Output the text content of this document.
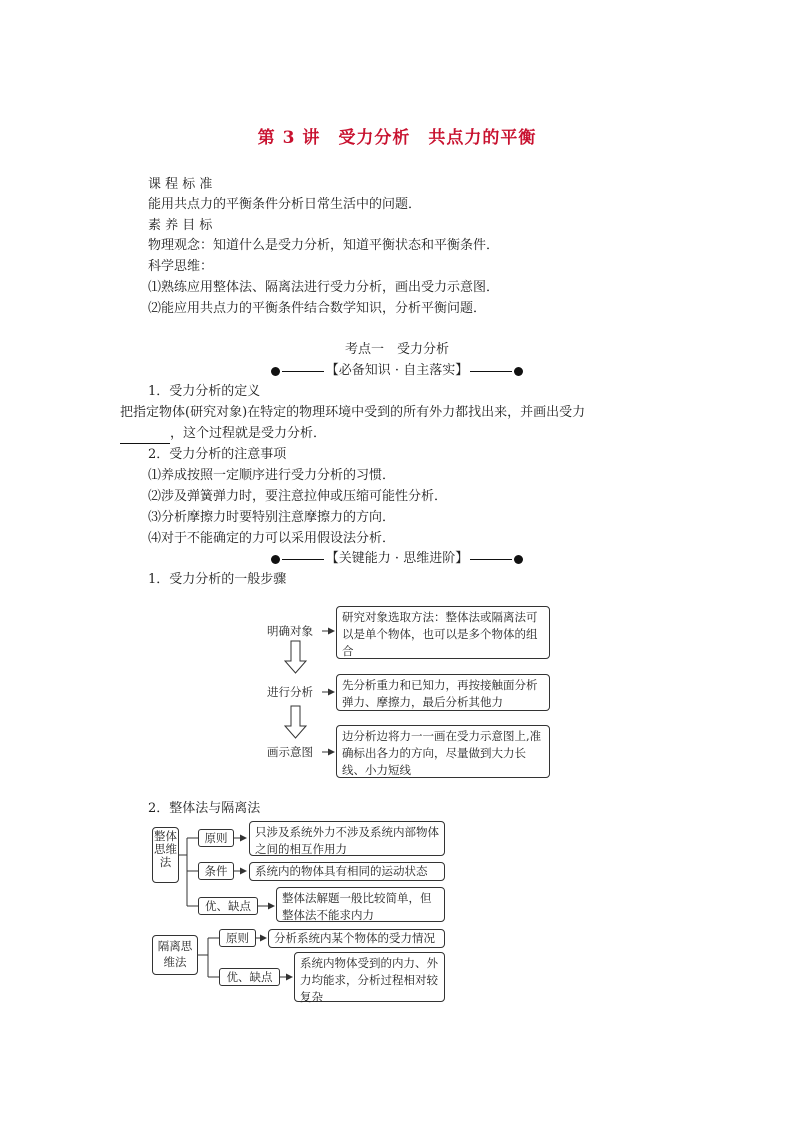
第 3 讲　受力分析　共点力的平衡
课 程 标 准
能用共点力的平衡条件分析日常生活中的问题．
素 养 目 标
物理观念：知道什么是受力分析，知道平衡状态和平衡条件．
科学思维：
⑴熟练应用整体法、隔离法进行受力分析，画出受力示意图．
⑵能应用共点力的平衡条件结合数学知识，分析平衡问题．
考点一　受力分析
【必备知识 · 自主落实】
1．受力分析的定义
把指定物体(研究对象)在特定的物理环境中受到的所有外力都找出来，并画出受力
，这个过程就是受力分析．
2．受力分析的注意事项
⑴养成按照一定顺序进行受力分析的习惯．
⑵涉及弹簧弹力时，要注意拉伸或压缩可能性分析．
⑶分析摩擦力时要特别注意摩擦力的方向．
⑷对于不能确定的力可以采用假设法分析．
【关键能力 · 思维进阶】
1．受力分析的一般步骤
明确对象
研究对象选取方法：整体法或隔离法可以是单个物体，也可以是多个物体的组合
进行分析	先分析重力和已知力，再按接触面分析弹力、摩擦力，最后分析其他力
画示意图
边分析边将力一一画在受力示意图上,准确标出各力的方向，尽量做到大力长线、小力短线
2．整体法与隔离法
整体思维法
原则	只涉及系统外力不涉及系统内部物体之间的相互作用力
条件	系统内的物体具有相同的运动状态
优、缺点
整体法解题一般比较简单，但整体法不能求内力
隔离思维法
原则	分析系统内某个物体的受力情况
优、缺点
系统内物体受到的内力、外力均能求，分析过程相对较复杂
